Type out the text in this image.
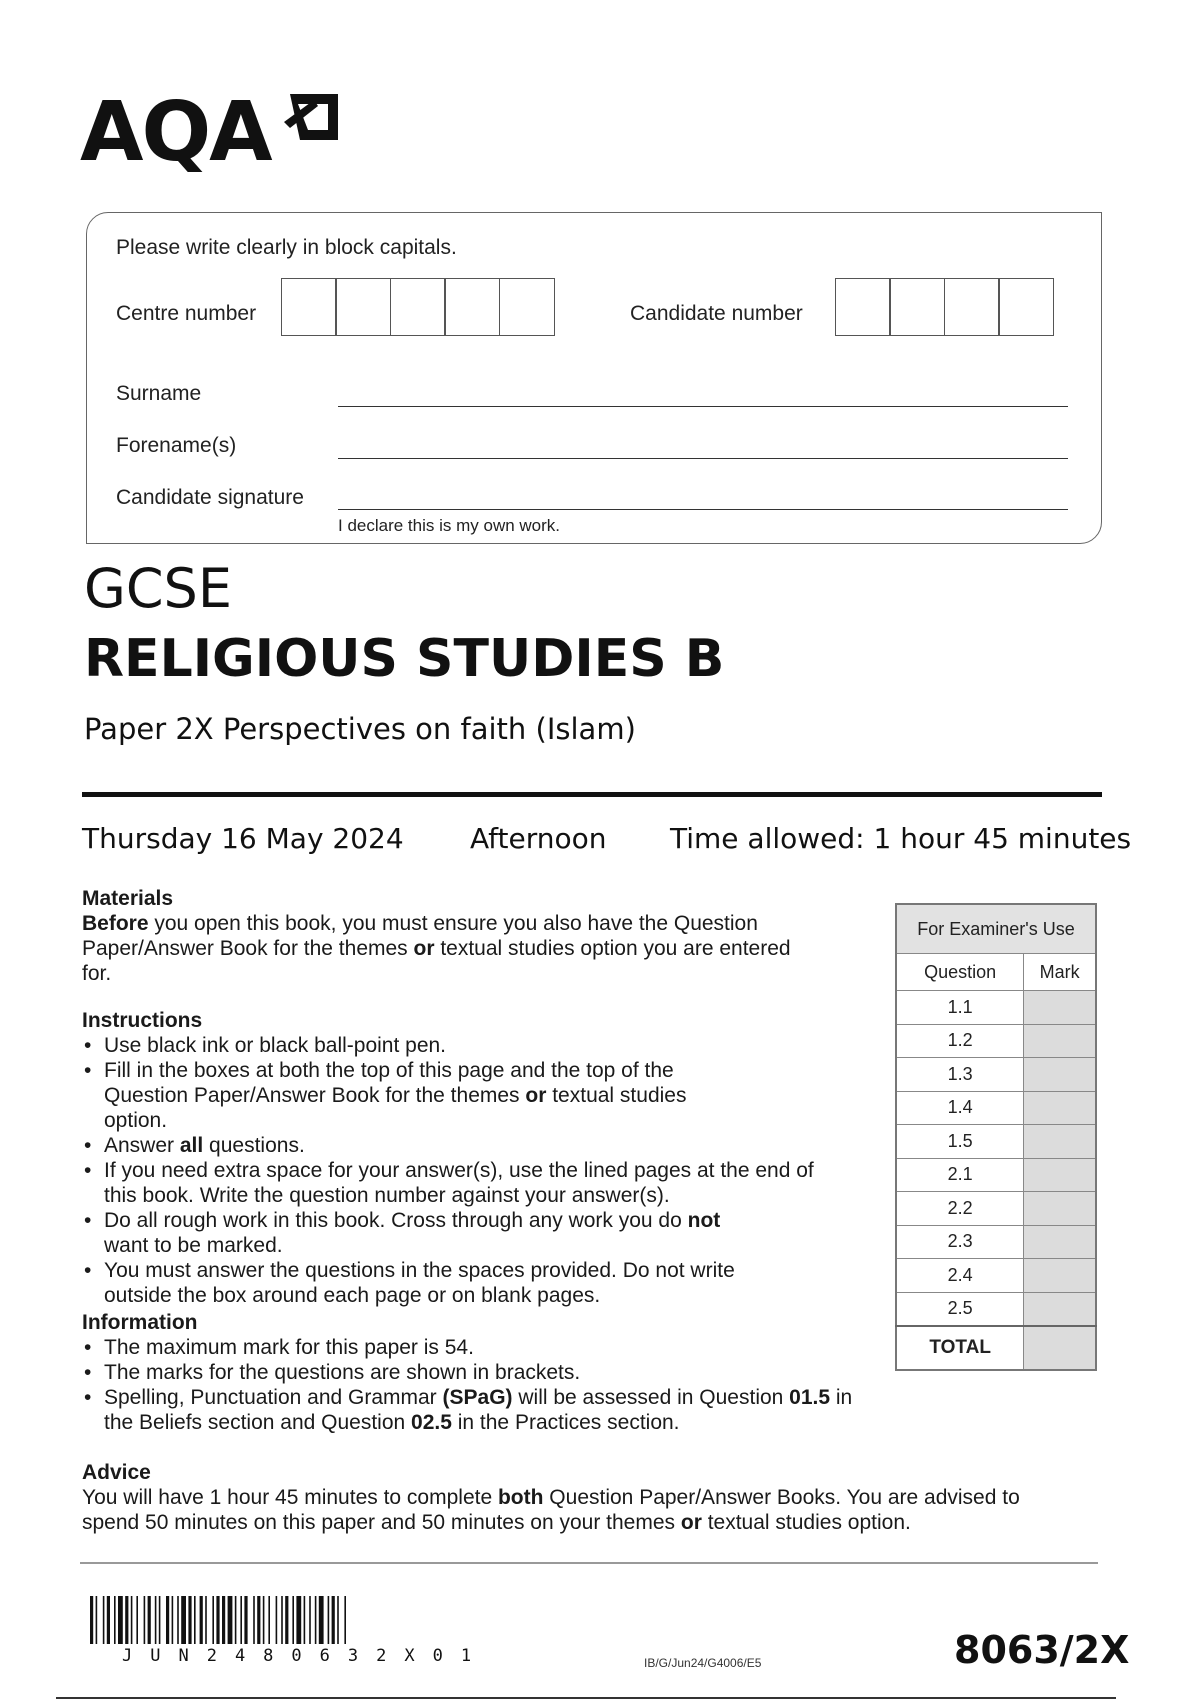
AQA
Please write clearly in block capitals.
Centre number	Candidate number
Surname
Forename(s)
Candidate signature
I declare this is my own work.
GCSE
RELIGIOUS STUDIES B
Paper 2X Perspectives on faith (Islam)
Thursday 16 May 2024 Afternoon Time allowed: 1 hour 45 minutes
Materials

Before you open this book, you must ensure you also have the Question Paper/Answer Book for the themes or textual studies option you are entered for.

Instructions
• Use black ink or black ball-point pen.
• Fill in the boxes at both the top of this page and the top of the Question Paper/Answer Book for the themes or textual studies option.
• Answer all questions.
• If you need extra space for your answer(s), use the lined pages at the end of this book. Write the question number against your answer(s).
• Do all rough work in this book. Cross through any work you do not want to be marked.
• You must answer the questions in the spaces provided. Do not write outside the box around each page or on blank pages.
Information
• The maximum mark for this paper is 54.
• The marks for the questions are shown in brackets.
• Spelling, Punctuation and Grammar (SPaG) will be assessed in Question 01.5 in the Beliefs section and Question 02.5 in the Practices section.
Advice

You will have 1 hour 45 minutes to complete both Question Paper/Answer Books. You are advised to spend 50 minutes on this paper and 50 minutes on your themes or textual studies option.

For Examiner's Use	
Question	Mark
1.1	
1.2	
1.3	
1.4	
1.5	
2.1	
2.2	
2.3	
2.4	
2.5	
TOTAL	
JUN2480632X01	IB/G/Jun24/G4006/E5	8063/2X
